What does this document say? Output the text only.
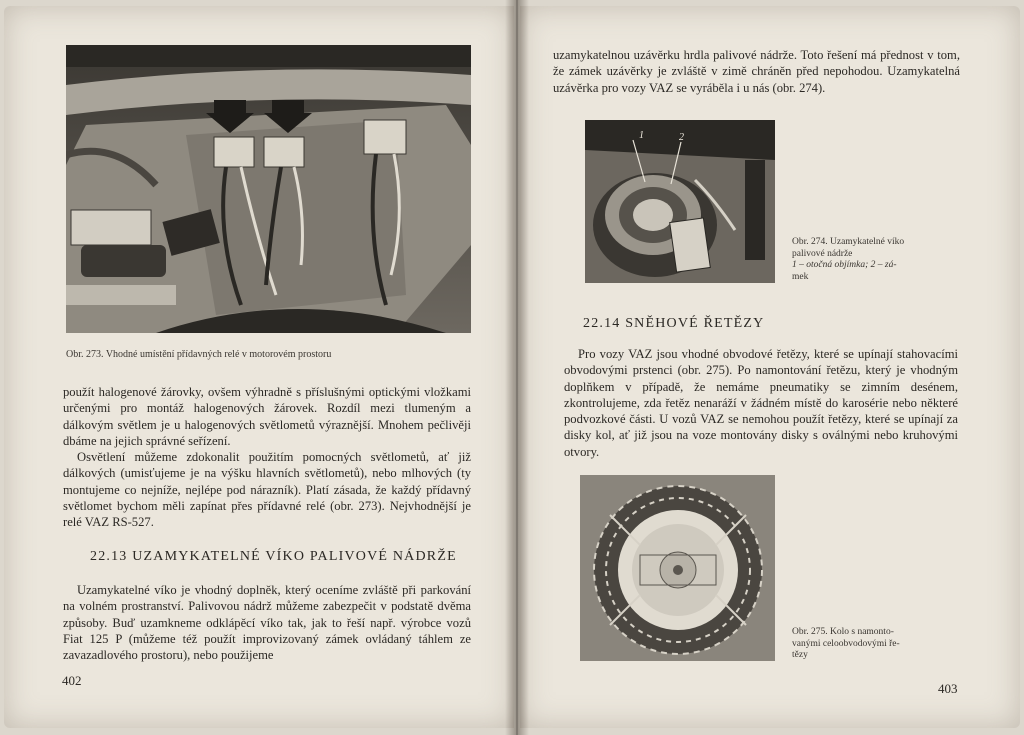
Obr. 273. Vhodné umístění přídavných relé v motorovém prostoru

použít halogenové žárovky, ovšem výhradně s příslušnými optickými vložkami určenými pro montáž halogenových žárovek. Rozdíl mezi tlumeným a dálkovým světlem je u halogenových světlometů výraznější. Mnohem pečlivěji dbáme na jejich správné seřízení.

Osvětlení můžeme zdokonalit použitím pomocných světlometů, ať již dálkových (umisťujeme je na výšku hlavních světlometů), nebo mlhových (ty montujeme co nejníže, nejlépe pod nárazník). Platí zásada, že každý přídavný světlomet bychom měli zapínat přes přídavné relé (obr. 273). Nejvhodnější je relé VAZ RS-527.

22.13 UZAMYKATELNÉ VÍKO PALIVOVÉ NÁDRŽE

Uzamykatelné víko je vhodný doplněk, který oceníme zvláště při parkování na volném prostranství. Palivovou nádrž můžeme zabezpečit v podstatě dvěma způsoby. Buď uzamkneme odklápěcí víko tak, jak to řeší např. výrobce vozů Fiat 125 P (můžeme též použít improvizovaný zámek ovládaný táhlem ze zavazadlového prostoru), nebo použijeme

402

uzamykatelnou uzávěrku hrdla palivové nádrže. Toto řešení má přednost v tom, že zámek uzávěrky je zvláště v zimě chráněn před nepohodou. Uzamykatelná uzávěrka pro vozy VAZ se vyráběla i u nás (obr. 274).

1	2
Obr. 274. Uzamykatelné víko
palivové nádrže
1 – otočná objímka; 2 – zá-
mek
22.14 SNĚHOVÉ ŘETĚZY

Pro vozy VAZ jsou vhodné obvodové řetězy, které se upínají stahovacími obvodovými prstenci (obr. 275). Po namontování řetězu, který je vhodným doplňkem v případě, že nemáme pneumatiky se zimním desénem, zkontrolujeme, zda řetěz nenaráží v žádném místě do karosérie nebo některé podvozkové části. U vozů VAZ se nemohou použít řetězy, které se upínají za disky kol, ať již jsou na voze montovány disky s oválnými nebo kruhovými otvory.

Obr. 275. Kolo s namonto-
vanými celoobvodovými ře-
tězy
403
